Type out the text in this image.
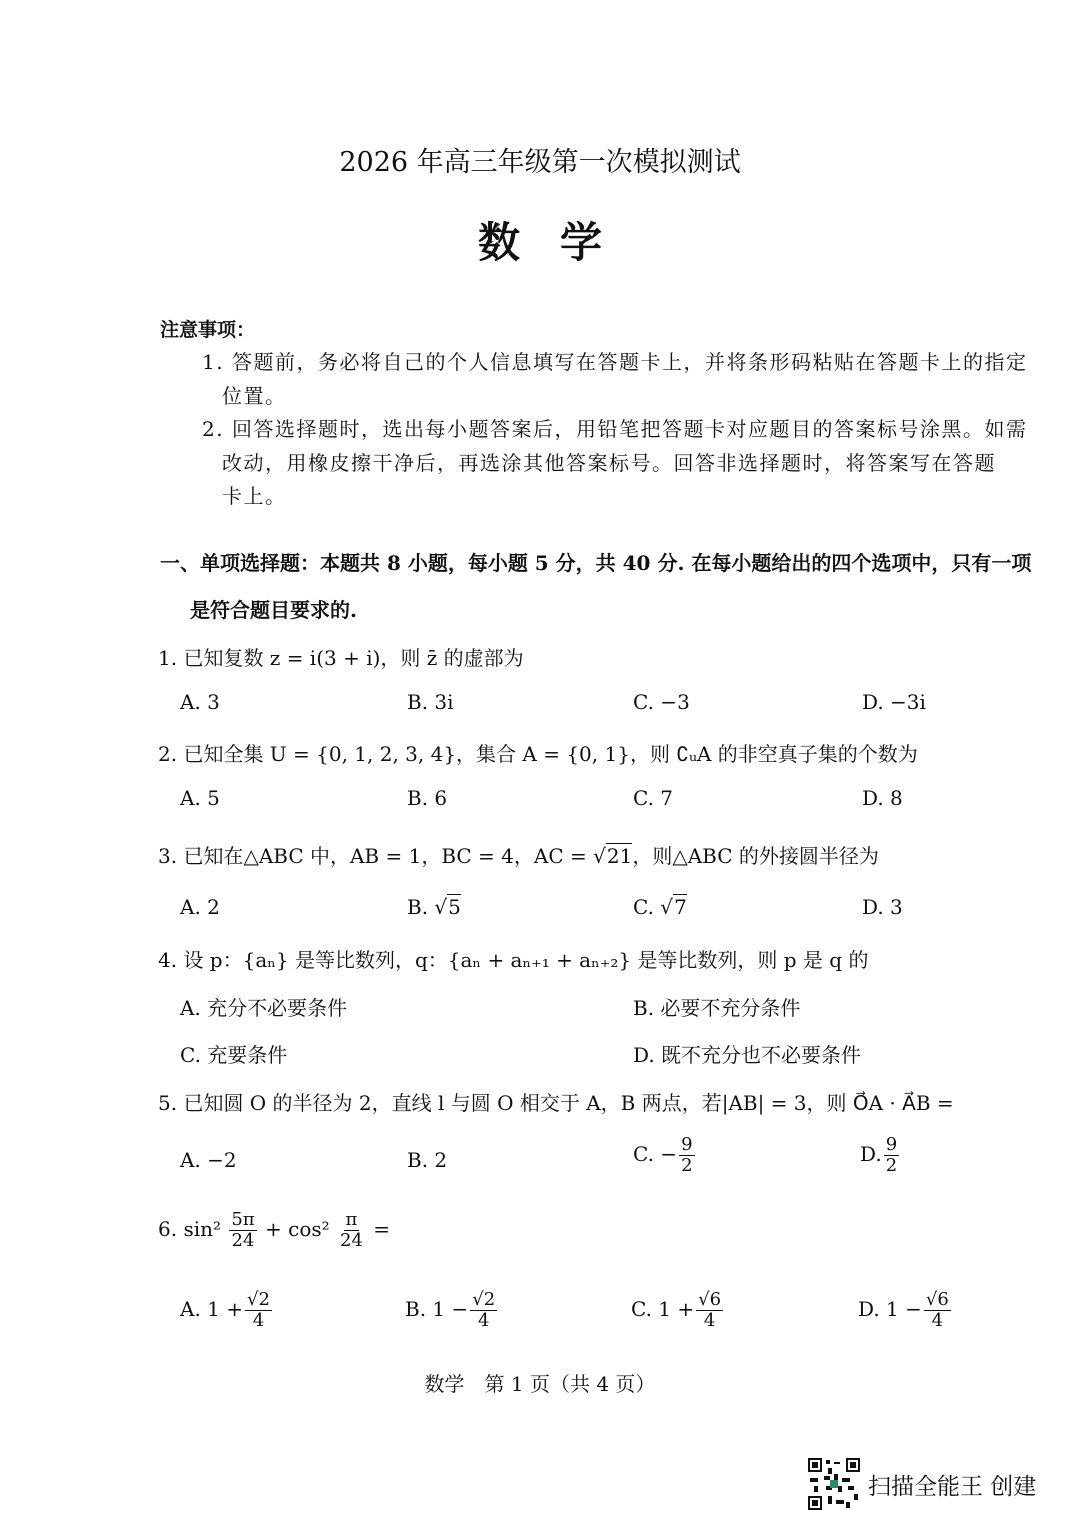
2026 年高三年级第一次模拟测试
数学
注意事项：
1. 答题前，务必将自己的个人信息填写在答题卡上，并将条形码粘贴在答题卡上的指定
位置。
2. 回答选择题时，选出每小题答案后，用铅笔把答题卡对应题目的答案标号涂黑。如需
改动，用橡皮擦干净后，再选涂其他答案标号。回答非选择题时，将答案写在答题
卡上。
一、单项选择题：本题共 8 小题，每小题 5 分，共 40 分. 在每小题给出的四个选项中，只有一项
是符合题目要求的.
1. 已知复数 z = i(3 + i)，则 z̄ 的虚部为
A. 3	B. 3i	C. −3	D. −3i
2. 已知全集 U = {0, 1, 2, 3, 4}，集合 A = {0, 1}，则 ∁ᵤA 的非空真子集的个数为
A. 5	B. 6	C. 7	D. 8
3. 已知在△ABC 中，AB = 1，BC = 4，AC = √21，则△ABC 的外接圆半径为
A. 2	B. √5	C. √7	D. 3
4. 设 p：{aₙ} 是等比数列，q：{aₙ + aₙ₊₁ + aₙ₊₂} 是等比数列，则 p 是 q 的
A. 充分不必要条件	B. 必要不充分条件
C. 充要条件	D. 既不充分也不必要条件
5. 已知圆 O 的半径为 2，直线 l 与圆 O 相交于 A，B 两点，若|AB| = 3，则 O⃗A · A⃗B =
A. −2	B. 2	C. − $\frac{9}{2}$	D. $\frac{9}{2}$
6. $\sin^2 \frac{5\pi}{24} + \cos^2 \frac{\pi}{24}$ =
A. $1 + \frac{√2}{4}$	B. $1 - \frac{√2}{4}$	C. $1 + \frac{√6}{4}$	D. $1 - \frac{√6}{4}$
数学　第 1 页（共 4 页）
扫描全能王 创建
